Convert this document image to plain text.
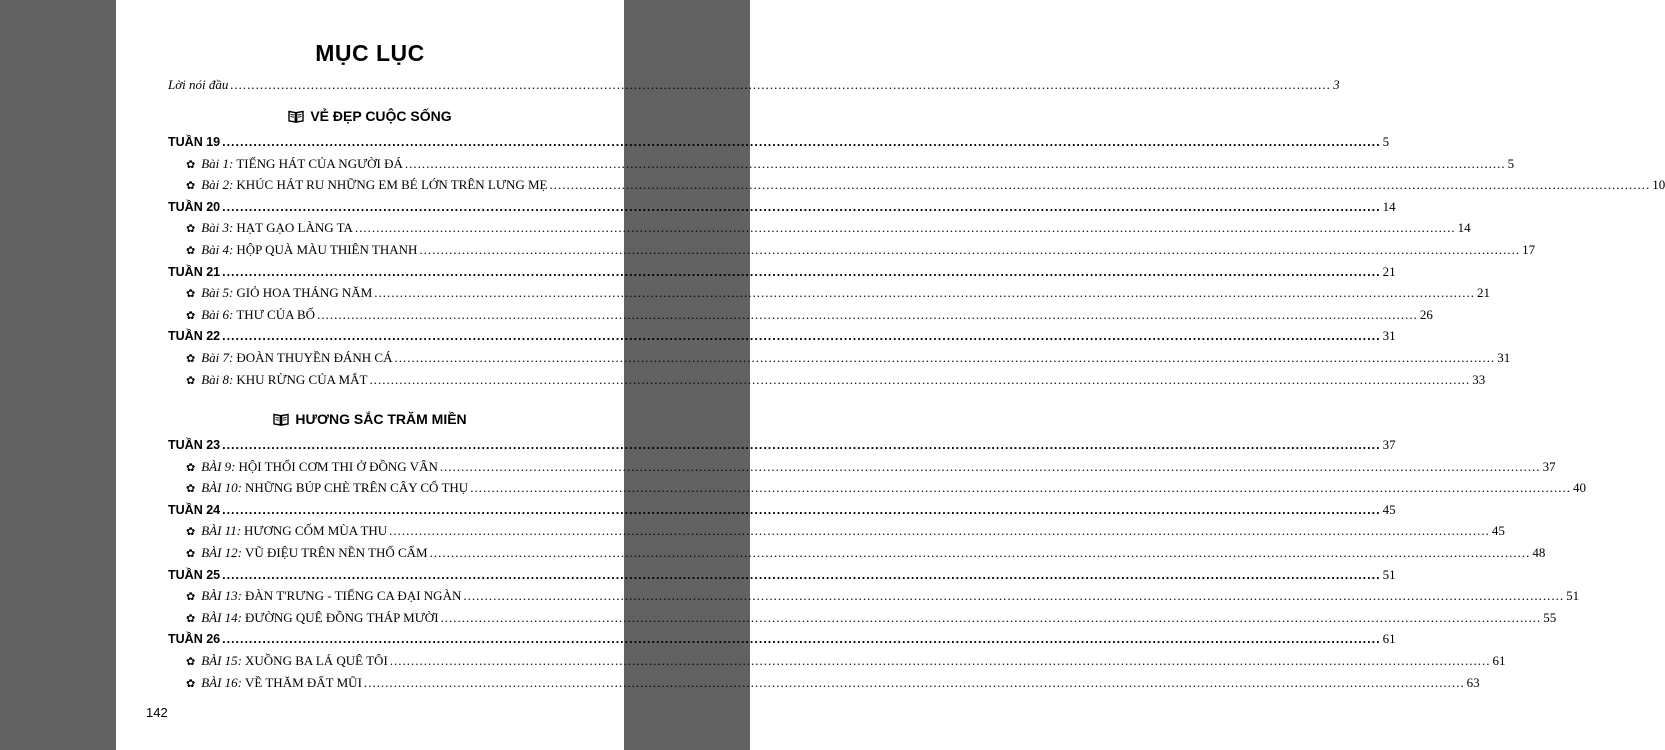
MỤC LỤC
Lời nói đầu ................................................................................................................................................................................................................................................................... 3
VẺ ĐẸP CUỘC SỐNG
TUẦN 19 ................................................................................................................................................................................................................................................................... 5
✿ Bài 1: TIẾNG HÁT CỦA NGƯỜI ĐÁ ................................................................................................................................................................................................................................................................... 5
✿ Bài 2: KHÚC HÁT RU NHỮNG EM BÉ LỚN TRÊN LƯNG MẸ ................................................................................................................................................................................................................................................................... 10
TUẦN 20 ................................................................................................................................................................................................................................................................... 14
✿ Bài 3: HẠT GẠO LÀNG TA ................................................................................................................................................................................................................................................................... 14
✿ Bài 4: HỘP QUÀ MÀU THIÊN THANH ................................................................................................................................................................................................................................................................... 17
TUẦN 21 ................................................................................................................................................................................................................................................................... 21
✿ Bài 5: GIỎ HOA THÁNG NĂM ................................................................................................................................................................................................................................................................... 21
✿ Bài 6: THƯ CỦA BỐ ................................................................................................................................................................................................................................................................... 26
TUẦN 22 ................................................................................................................................................................................................................................................................... 31
✿ Bài 7: ĐOÀN THUYỀN ĐÁNH CÁ ................................................................................................................................................................................................................................................................... 31
✿ Bài 8: KHU RỪNG CỦA MẮT ................................................................................................................................................................................................................................................................... 33
HƯƠNG SẮC TRĂM MIỀN
TUẦN 23 ................................................................................................................................................................................................................................................................... 37
✿ BÀI 9: HỘI THỔI CƠM THI Ở ĐỒNG VÂN ................................................................................................................................................................................................................................................................... 37
✿ BÀI 10: NHỮNG BÚP CHÈ TRÊN CÂY CỔ THỤ ................................................................................................................................................................................................................................................................... 40
TUẦN 24 ................................................................................................................................................................................................................................................................... 45
✿ BÀI 11: HƯƠNG CỐM MÙA THU ................................................................................................................................................................................................................................................................... 45
✿ BÀI 12: VŨ ĐIỆU TRÊN NỀN THỔ CẨM ................................................................................................................................................................................................................................................................... 48
TUẦN 25 ................................................................................................................................................................................................................................................................... 51
✿ BÀI 13: ĐÀN T'RƯNG - TIẾNG CA ĐẠI NGÀN ................................................................................................................................................................................................................................................................... 51
✿ BÀI 14: ĐƯỜNG QUÊ ĐỒNG THÁP MƯỜI ................................................................................................................................................................................................................................................................... 55
TUẦN 26 ................................................................................................................................................................................................................................................................... 61
✿ BÀI 15: XUỒNG BA LÁ QUÊ TÔI ................................................................................................................................................................................................................................................................... 61
✿ BÀI 16: VỀ THĂM ĐẤT MŨI ................................................................................................................................................................................................................................................................... 63
142
